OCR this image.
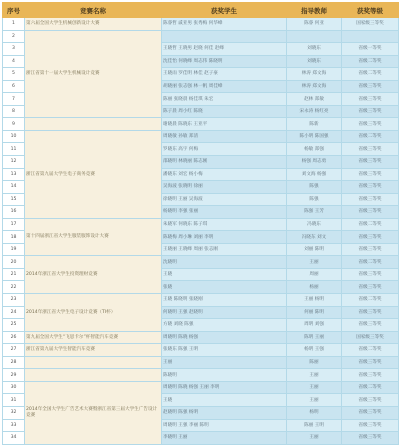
序号	竞赛名称	获奖学生	指导教师	获奖等级
1	第六届全国大学生机械创新设计大赛	陈睿哲 戚亚男 张秀梅 何华峰	陈睿 何亚	国家级三等奖
2	浙江省第十一届大学生机械设计竞赛			
3		王晓哲 王晓男 赵晓 何佳 赵峰	刘晓东	省级一等奖
4		沈佳怡 何晓峰 周志伟 陈晓明	刘晓东	省级二等奖
5		王晓雨 罗佳明 林佳 赵子豪	林涛 郑文海	省级二等奖
6		胡晓丽 张志强 林一帆 周佳峰	林涛 郑文海	省级三等奖
7		陈丽 张晓晨 杨佳琪 朱宏	赵林 郑敏	省级三等奖
8		陈子晨 周小红 陈晓	宋永涛 杨红亮	省级三等奖
9		谢晓晨 陈晓东 王亚平	陈新	省级三等奖
10	浙江省第九届大学生电子商务竞赛	周晓敏 孙敏 郑清	陈小明 陈国强	省级二等奖
11		罗晓东 高宇 何梅	杨敏 郑强	省级三等奖
12		邵晓明 林晓丽 陈志刚	杨强 周志勇	省级三等奖
13		潘晓东 刘宏 杨小梅	刘文海 杨强	省级三等奖
14		吴海波 张晓明 徐丽	陈强	省级三等奖
15		徐晓明 王丽 吴海波	陈强	省级三等奖
16		杨晓明 李强 张丽	陈强 王芳	省级三等奖
17	第十四届浙江省大学生服装服饰设计大赛	朱晓军 何晓东 陈子琪	冯晓东	省级二等奖
18		陈晓梅 周小琳 刘丽 李明	冯晓东 刘文	省级三等奖
19		王晓丽 王晓峰 周丽 张志刚	刘丽 陈明	省级三等奖
20	2014年浙江省大学生投资理财竞赛	沈晓明	王丽	省级二等奖
21		王晓	周丽	省级三等奖
22		张晓	杨丽	省级三等奖
23	2014年浙江省大学生电子设计竞赛（TI杯）	王晓 陈晓明 张晓刚	王丽 杨明	省级二等奖
24		何晓明 王强 赵晓明	何丽 陈明	省级三等奖
25		方晓 刘晓 陈强	周明 刘强	省级三等奖
26	第九届全国大学生“飞思卡尔”杯智能汽车竞赛	周晓明 陈晓 杨强	陈明 王丽	国家级三等奖
27	浙江省第九届大学生智能汽车竞赛	张晓东 陈强 王明	杨明 王强	省级二等奖
28		王丽	陈丽	省级三等奖
29		陈晓明	王丽	省级三等奖
30	2014年全国大学生广告艺术大赛暨浙江省第三届大学生广告设计竞赛	周晓明 陈晓 杨强 王丽 李明	王丽	省级二等奖
31		王晓	王丽	省级三等奖
32		赵晓明 陈强 杨明	杨明	省级三等奖
33		周晓明 王强 李丽 陈明	陈丽 王明	省级三等奖
34		李晓明 王丽	王丽	省级三等奖
